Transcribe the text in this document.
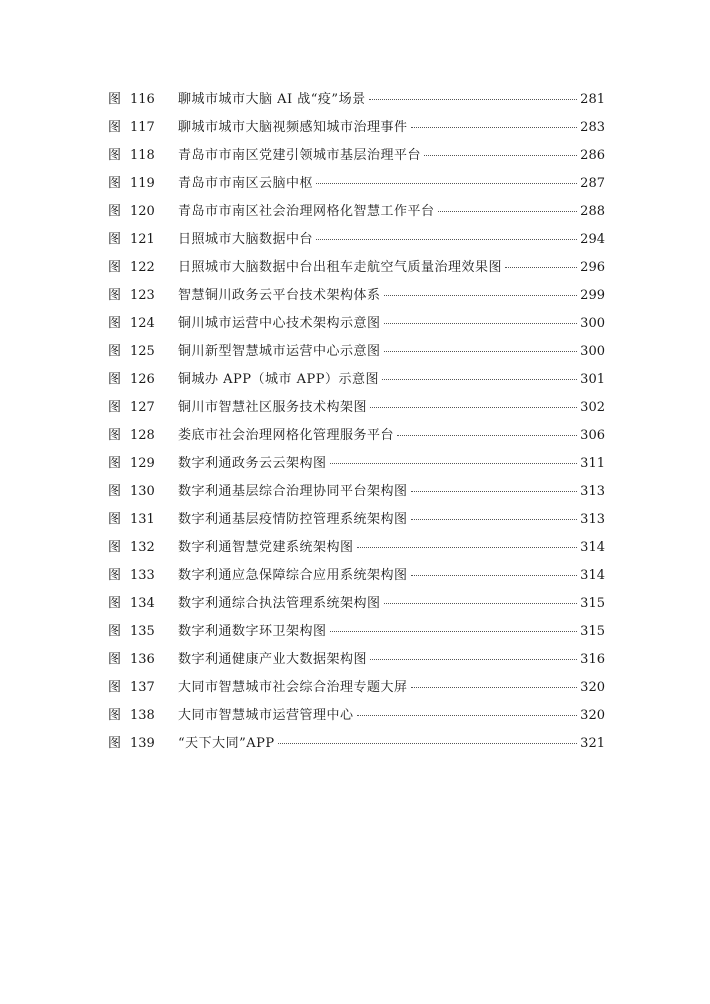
图 116	聊城市城市大脑 AI 战“疫”场景	281
图 117	聊城市城市大脑视频感知城市治理事件	283
图 118	青岛市市南区党建引领城市基层治理平台	286
图 119	青岛市市南区云脑中枢	287
图 120	青岛市市南区社会治理网格化智慧工作平台	288
图 121	日照城市大脑数据中台	294
图 122	日照城市大脑数据中台出租车走航空气质量治理效果图	296
图 123	智慧铜川政务云平台技术架构体系	299
图 124	铜川城市运营中心技术架构示意图	300
图 125	铜川新型智慧城市运营中心示意图	300
图 126	铜城办 APP（城市 APP）示意图	301
图 127	铜川市智慧社区服务技术构架图	302
图 128	娄底市社会治理网格化管理服务平台	306
图 129	数字利通政务云云架构图	311
图 130	数字利通基层综合治理协同平台架构图	313
图 131	数字利通基层疫情防控管理系统架构图	313
图 132	数字利通智慧党建系统架构图	314
图 133	数字利通应急保障综合应用系统架构图	314
图 134	数字利通综合执法管理系统架构图	315
图 135	数字利通数字环卫架构图	315
图 136	数字利通健康产业大数据架构图	316
图 137	大同市智慧城市社会综合治理专题大屏	320
图 138	大同市智慧城市运营管理中心	320
图 139	“天下大同”APP	321
